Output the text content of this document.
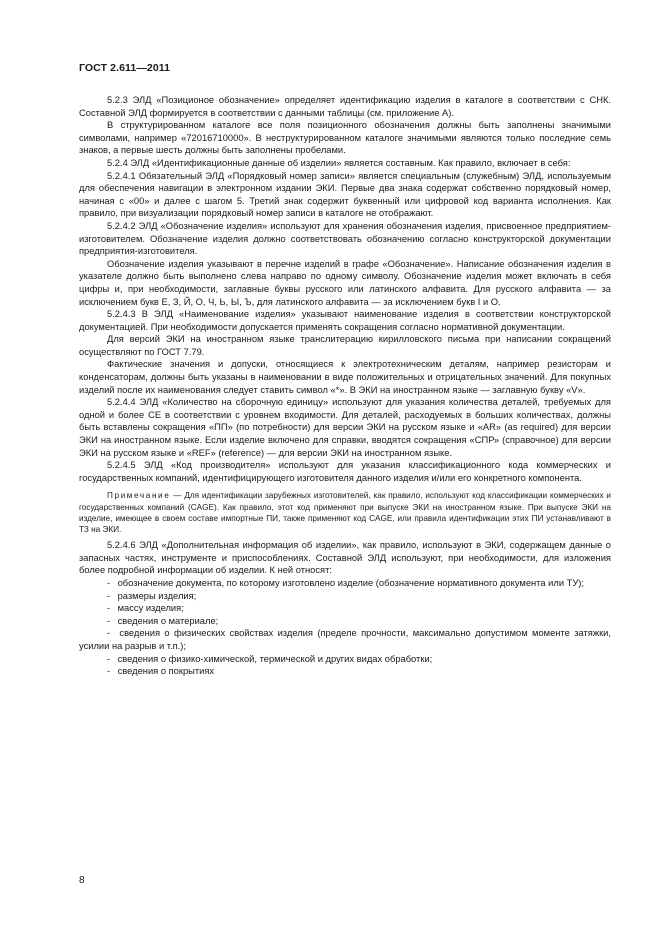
ГОСТ 2.611—2011

5.2.3 ЭЛД «Позиционое обозначение» определяет идентификацию изделия в каталоге в соответствии с СНК. Составной ЭЛД формируется в соответствии с данными таблицы (см. приложение А).

В структурированном каталоге все поля позиционного обозначения должны быть заполнены значимыми символами, например «72016710000». В неструктурированном каталоге значимыми являются только последние семь знаков, а первые шесть должны быть заполнены пробелами.

5.2.4 ЭЛД «Идентификационные данные об изделии» является составным. Как правило, включает в себя:

5.2.4.1 Обязательный ЭЛД «Порядковый номер записи» является специальным (служебным) ЭЛД, используемым для обеспечения навигации в электронном издании ЭКИ. Первые два знака содержат собственно порядковый номер, начиная с «00» и далее с шагом 5. Третий знак содержит буквенный или цифровой код варианта исполнения. Как правило, при визуализации порядковый номер записи в каталоге не отображают.

5.2.4.2 ЭЛД «Обозначение изделия» используют для хранения обозначения изделия, присвоенное предприятием-изготовителем. Обозначение изделия должно соответствовать обозначению согласно конструкторской документации предприятия-изготовителя.

Обозначение изделия указывают в перечне изделий в графе «Обозначение». Написание обозначения изделия в указателе должно быть выполнено слева направо по одному символу. Обозначение изделия может включать в себя цифры и, при необходимости, заглавные буквы русского или латинского алфавита. Для русского алфавита — за исключением букв Е, З, Й, О, Ч, Ь, Ы, Ъ, для латинского алфавита — за исключением букв I и O.

5.2.4.3 В ЭЛД «Наименование изделия» указывают наименование изделия в соответствии конструкторской документацией. При необходимости допускается применять сокращения согласно нормативной документации.

Для версий ЭКИ на иностранном языке транслитерацию кирилловского письма при написании сокращений осуществляют по ГОСТ 7.79.

Фактические значения и допуски, относящиеся к электротехническим деталям, например резисторам и конденсаторам, должны быть указаны в наименовании в виде положительных и отрицательных значений. Для покупных изделий после их наименования следует ставить символ «*». В ЭКИ на иностранном языке — заглавную букву «V».

5.2.4.4 ЭЛД «Количество на сборочную единицу» используют для указания количества деталей, требуемых для одной и более СЕ в соответствии с уровнем входимости. Для деталей, расходуемых в больших количествах, должны быть вставлены сокращения «ПП» (по потребности) для версии ЭКИ на русском языке и «AR» (as required) для версии ЭКИ на иностранном языке. Если изделие включено для справки, вводятся сокращения «СПР» (справочное) для версии ЭКИ на русском языке и «REF» (reference) — для версии ЭКИ на иностранном языке.

5.2.4.5 ЭЛД «Код производителя» используют для указания классификационного кода коммерческих и государственных компаний, идентифицирующего изготовителя данного изделия и/или его конкретного компонента.

Примечание — Для идентификации зарубежных изготовителей, как правило, используют код классификации коммерческих и государственных компаний (CAGE). Как правило, этот код применяют при выпуске ЭКИ на иностранном языке. При выпуске ЭКИ на изделие, имеющее в своем составе импортные ПИ, также применяют код CAGE, или правила идентификации этих ПИ устанавливают в ТЗ на ЭКИ.

5.2.4.6 ЭЛД «Дополнительная информация об изделии», как правило, используют в ЭКИ, содержащем данные о запасных частях, инструменте и приспособлениях. Составной ЭЛД используют, при необходимости, для изложения более подробной информации об изделии. К ней относят:

- обозначение документа, по которому изготовлено изделие (обозначение нормативного документа или ТУ);
- размеры изделия;
- массу изделия;
- сведения о материале;
- сведения о физических свойствах изделия (пределе прочности, максимально допустимом моменте затяжки, усилии на разрыв и т.п.);
- сведения о физико-химической, термической и других видах обработки;
- сведения о покрытиях
8
